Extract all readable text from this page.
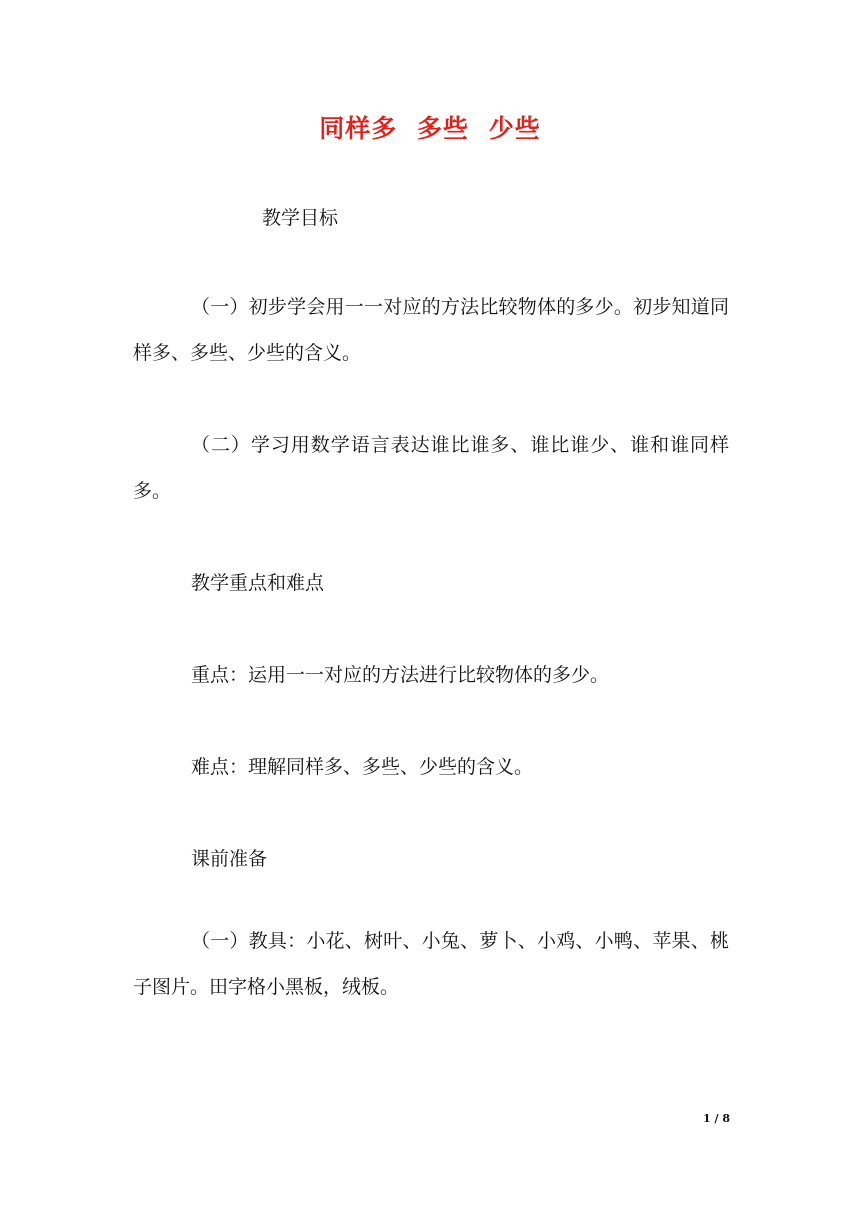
同样多 多些 少些

教学目标

（一）初步学会用一一对应的方法比较物体的多少。初步知道同样多、多些、少些的含义。

（二）学习用数学语言表达谁比谁多、谁比谁少、谁和谁同样多。

教学重点和难点

重点：运用一一对应的方法进行比较物体的多少。

难点：理解同样多、多些、少些的含义。

课前准备

（一）教具：小花、树叶、小兔、萝卜、小鸡、小鸭、苹果、桃子图片。田字格小黑板，绒板。

1 / 8
